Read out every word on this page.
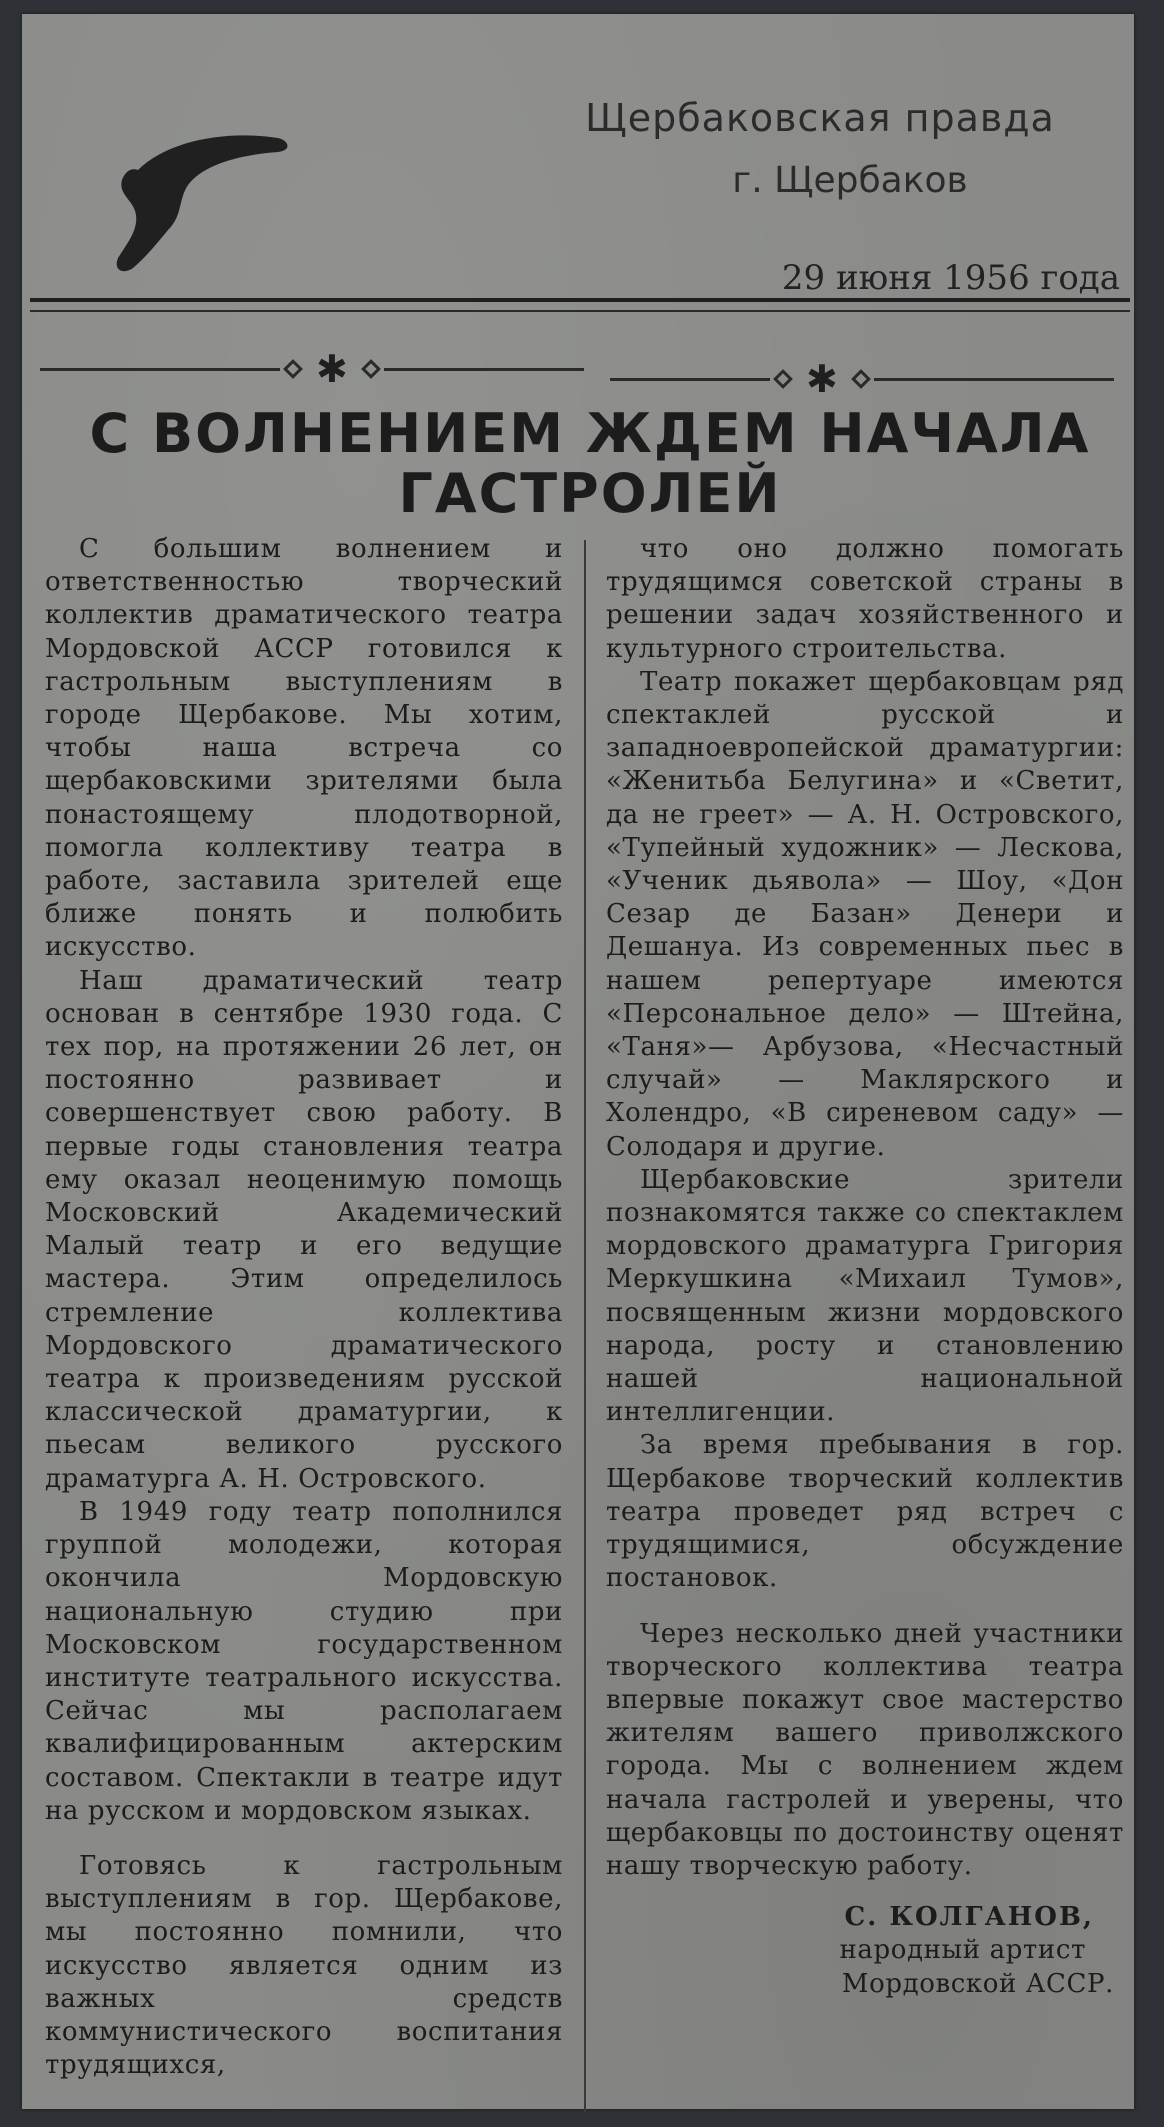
Щербаковская правда
г. Щербаков
29 июня 1956 года
✱	✱
С ВОЛНЕНИЕМ ЖДЕМ НАЧАЛА
ГАСТРОЛЕЙ

С большим волнением и ответственностью творческий коллектив драматического театра Мордовской АССР готовился к гастрольным выступлениям в городе Щербакове. Мы хотим, чтобы наша встреча со щербаковскими зрителями была понастоящему плодотворной, помогла коллективу театра в работе, заставила зрителей еще ближе понять и полюбить искусство.

Наш драматический театр основан в сентябре 1930 года. С тех пор, на протяжении 26 лет, он постоянно развивает и совершенствует свою работу. В первые годы становления театра ему оказал неоценимую помощь Московский Академический Малый театр и его ведущие мастера. Этим определилось стремление коллектива Мордовского драматического театра к произведениям русской классической драматургии, к пьесам великого русского драматурга А. Н. Островского.

В 1949 году театр пополнился группой молодежи, которая окончила Мордовскую национальную студию при Московском государственном институте театрального искусства. Сейчас мы располагаем квалифицированным актерским составом. Спектакли в театре идут на русском и мордовском языках.

Готовясь к гастрольным выступлениям в гор. Щербакове, мы постоянно помнили, что искусство является одним из важных средств коммунистического воспитания трудящихся,

что оно должно помогать трудящимся советской страны в решении задач хозяйственного и культурного строительства.

Театр покажет щербаковцам ряд спектаклей русской и западноевропейской драматургии: «Женитьба Белугина» и «Светит, да не греет» — А. Н. Островского, «Тупейный художник» — Лескова, «Ученик дьявола» — Шоу, «Дон Сезар де Базан» Денери и Дешануа. Из современных пьес в нашем репертуаре имеются «Персональное дело» — Штейна, «Таня»— Арбузова, «Несчастный случай» — Маклярского и Холендро, «В сиреневом саду» — Солодаря и другие.

Щербаковские зрители познакомятся также со спектаклем мордовского драматурга Григория Меркушкина «Михаил Тумов», посвященным жизни мордовского народа, росту и становлению нашей национальной интеллигенции.

За время пребывания в гор. Щербакове творческий коллектив театра проведет ряд встреч с трудящимися, обсуждение постановок.

Через несколько дней участники творческого коллектива театра впервые покажут свое мастерство жителям вашего приволжского города. Мы с волнением ждем начала гастролей и уверены, что щербаковцы по достоинству оценят нашу творческую работу.

С. КОЛГАНОВ,

народный артист

Мордовской АССР.
